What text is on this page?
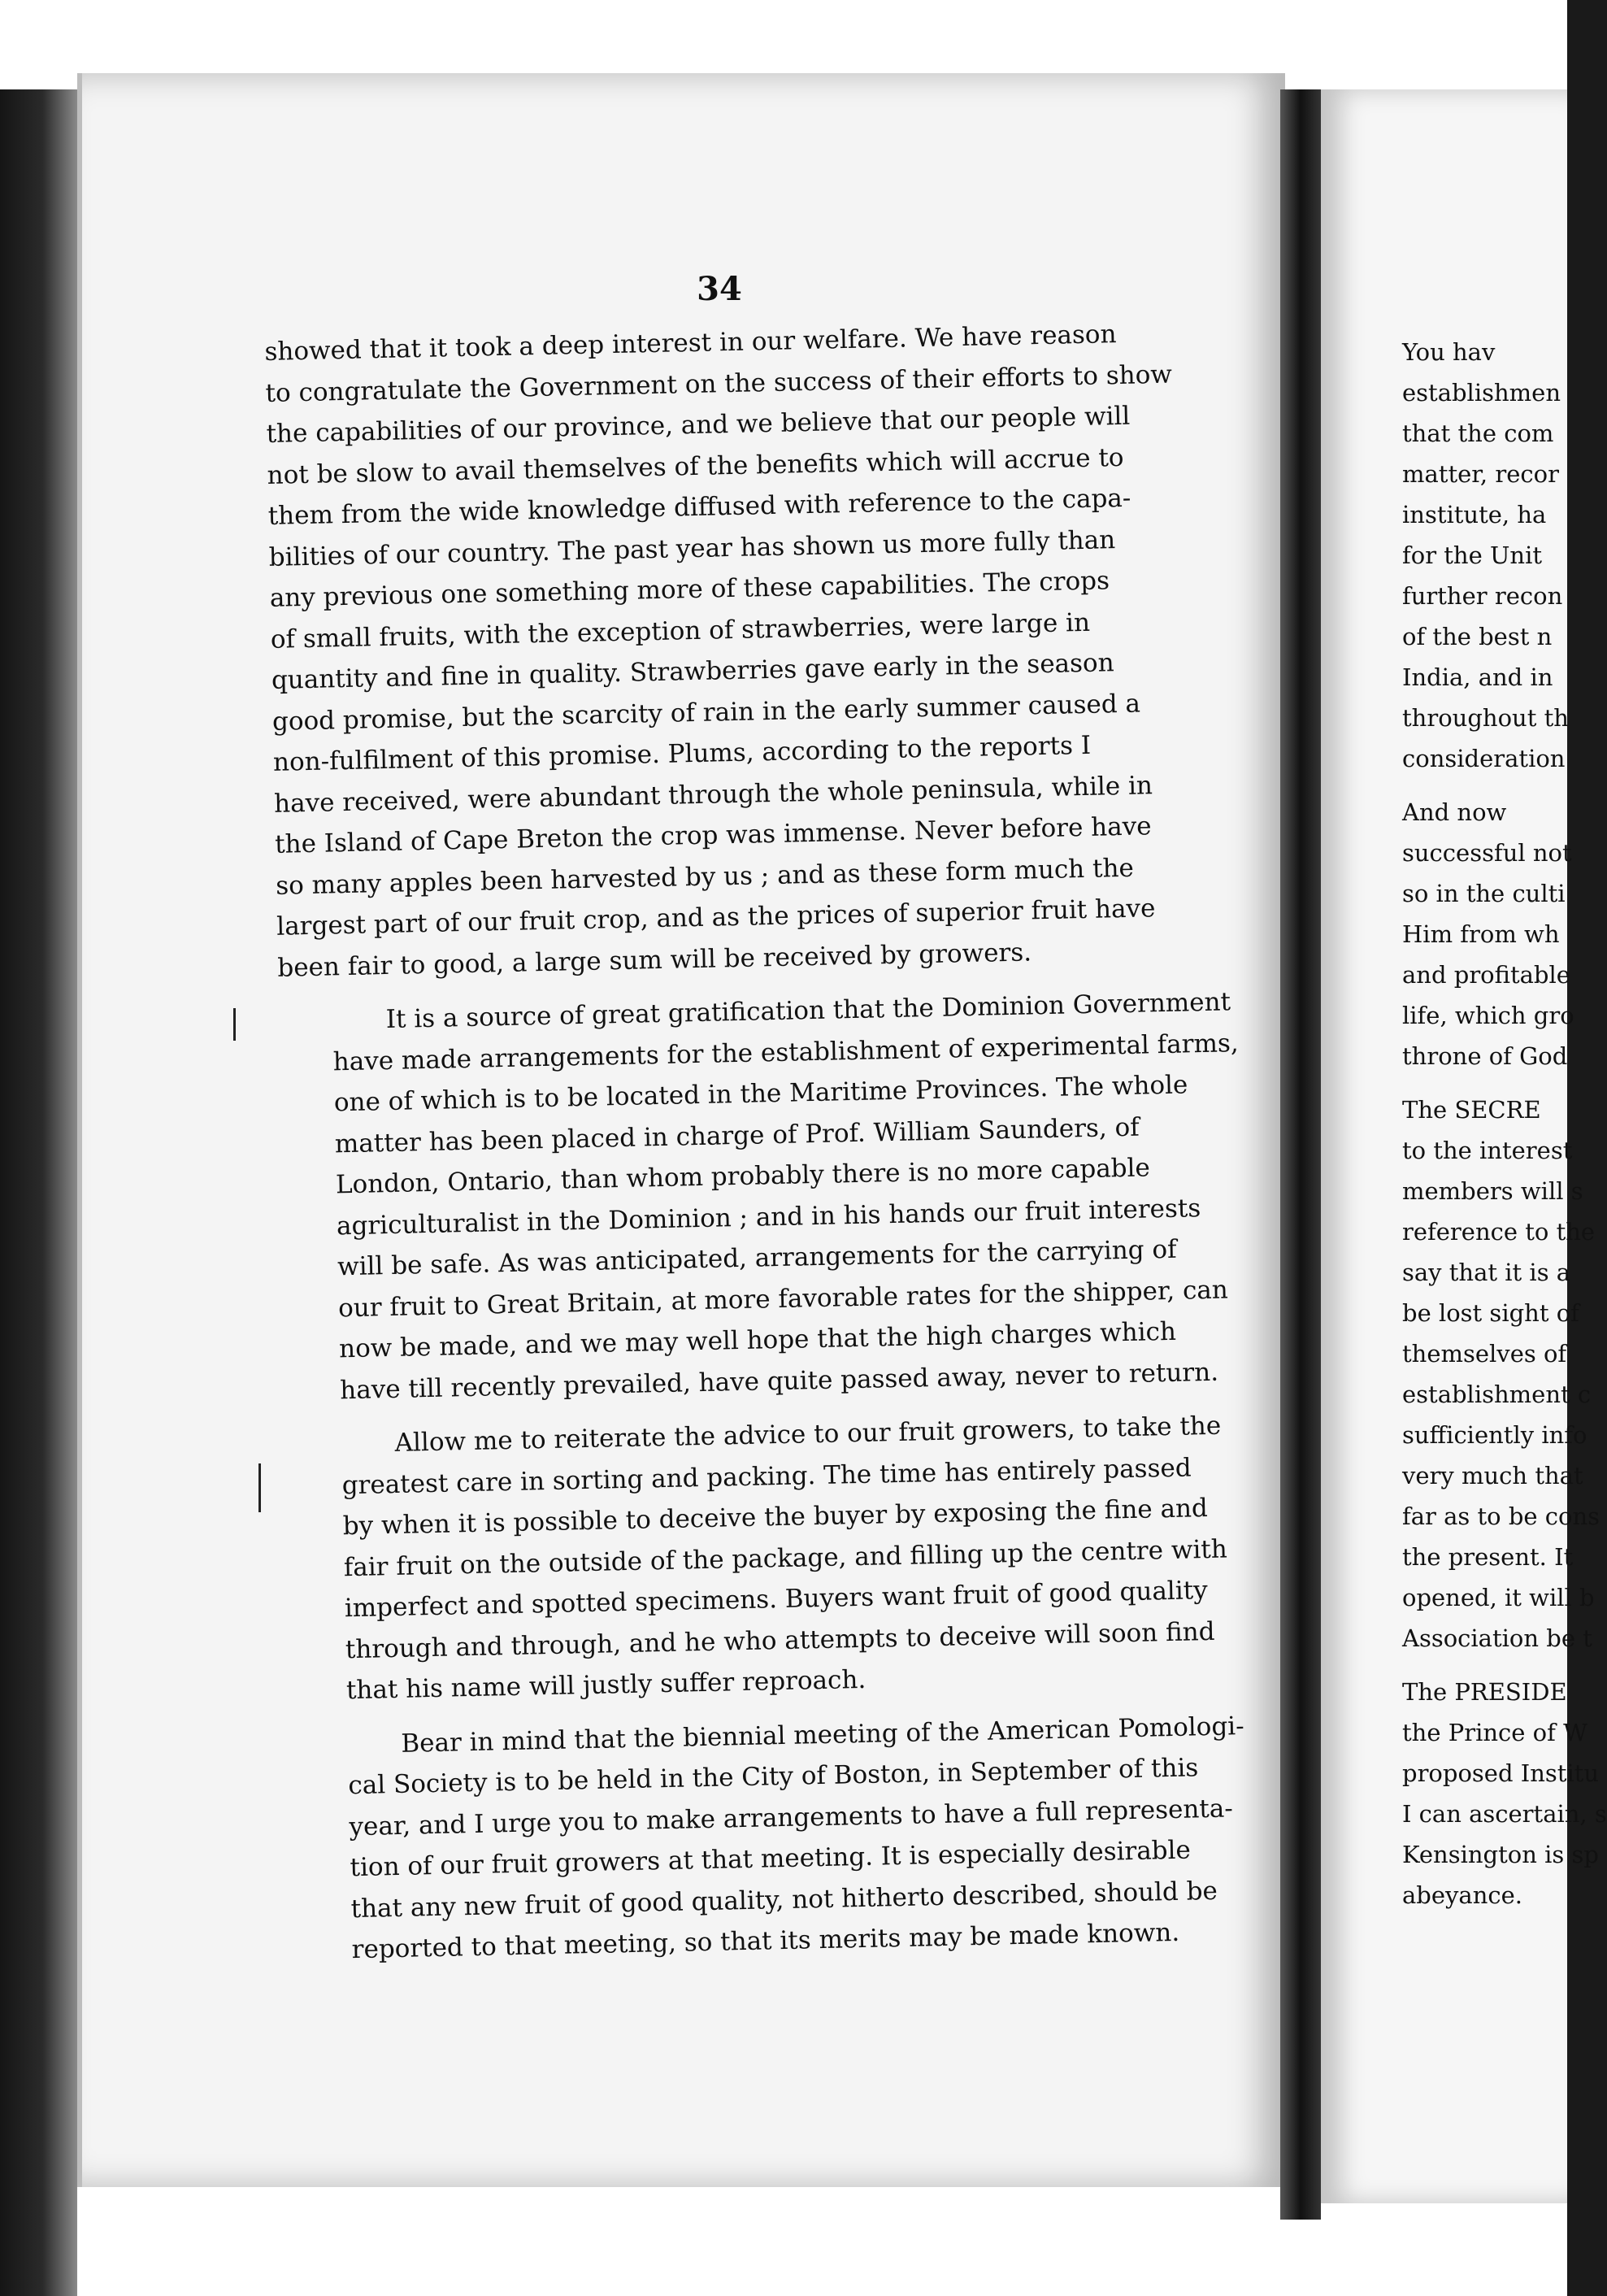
34
showed that it took a deep interest in our welfare. We have reason
to congratulate the Government on the success of their efforts to show
the capabilities of our province, and we believe that our people will
not be slow to avail themselves of the benefits which will accrue to
them from the wide knowledge diffused with reference to the capa-
bilities of our country. The past year has shown us more fully than
any previous one something more of these capabilities. The crops
of small fruits, with the exception of strawberries, were large in
quantity and fine in quality. Strawberries gave early in the season
good promise, but the scarcity of rain in the early summer caused a
non-fulfilment of this promise. Plums, according to the reports I
have received, were abundant through the whole peninsula, while in
the Island of Cape Breton the crop was immense. Never before have
so many apples been harvested by us ; and as these form much the
largest part of our fruit crop, and as the prices of superior fruit have
been fair to good, a large sum will be received by growers.
It is a source of great gratification that the Dominion Government
have made arrangements for the establishment of experimental farms,
one of which is to be located in the Maritime Provinces. The whole
matter has been placed in charge of Prof. William Saunders, of
London, Ontario, than whom probably there is no more capable
agriculturalist in the Dominion ; and in his hands our fruit interests
will be safe. As was anticipated, arrangements for the carrying of
our fruit to Great Britain, at more favorable rates for the shipper, can
now be made, and we may well hope that the high charges which
have till recently prevailed, have quite passed away, never to return.
Allow me to reiterate the advice to our fruit growers, to take the
greatest care in sorting and packing. The time has entirely passed
by when it is possible to deceive the buyer by exposing the fine and
fair fruit on the outside of the package, and filling up the centre with
imperfect and spotted specimens. Buyers want fruit of good quality
through and through, and he who attempts to deceive will soon find
that his name will justly suffer reproach.
Bear in mind that the biennial meeting of the American Pomologi-
cal Society is to be held in the City of Boston, in September of this
year, and I urge you to make arrangements to have a full representa-
tion of our fruit growers at that meeting. It is especially desirable
that any new fruit of good quality, not hitherto described, should be
reported to that meeting, so that its merits may be made known.
You hav
establishmen
that the com
matter, recor
institute, ha
for the Unit
further recon
of the best n
India, and in
throughout th
consideration
And now
successful not
so in the culti
Him from wh
and profitable
life, which gro
throne of God
The SECRE
to the interest
members will s
reference to the
say that it is a
be lost sight of
themselves of
establishment c
sufficiently info
very much that
far as to be cons
the present. It
opened, it will b
Association be t
The PRESIDE
the Prince of W
proposed Institu
I can ascertain, s
Kensington is sp
abeyance.
